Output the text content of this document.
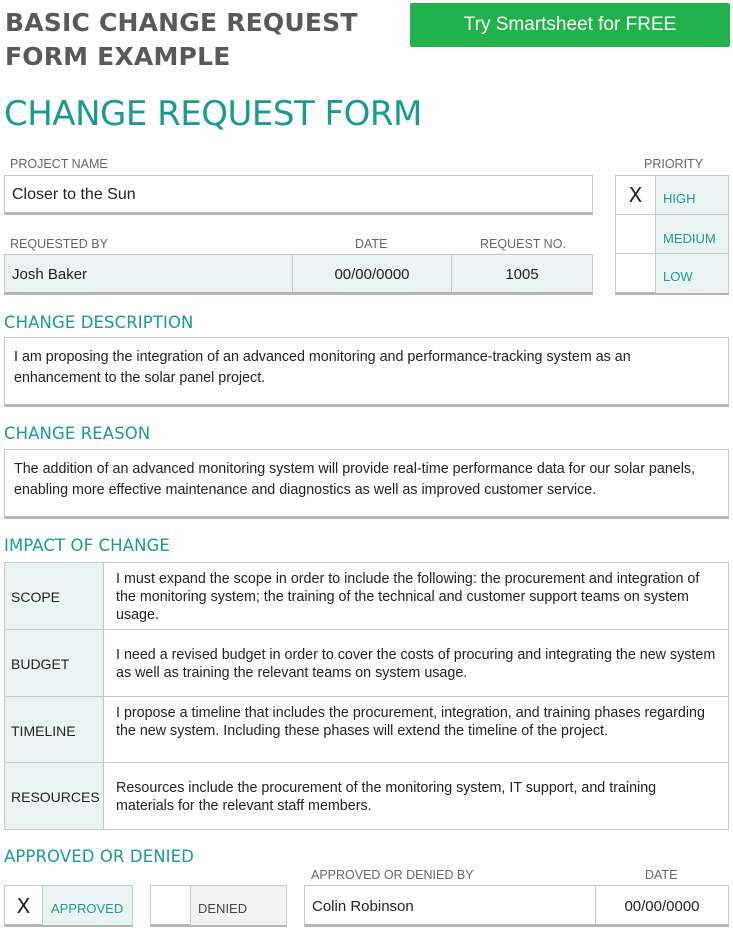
BASIC CHANGE REQUEST
FORM EXAMPLE
Try Smartsheet for FREE
CHANGE REQUEST FORM
PROJECT NAME
Closer to the Sun
REQUESTED BY	DATE	REQUEST NO.
Josh Baker	00/00/0000	1005
PRIORITY
X	HIGH
MEDIUM
LOW
CHANGE DESCRIPTION
I am proposing the integration of an advanced monitoring and performance-tracking system as an enhancement to the solar panel project.
CHANGE REASON
The addition of an advanced monitoring system will provide real-time performance data for our solar panels, enabling more effective maintenance and diagnostics as well as improved customer service.
IMPACT OF CHANGE
SCOPE
I must expand the scope in order to include the following: the procurement and integration of the monitoring system; the training of the technical and customer support teams on system usage.
BUDGET
I need a revised budget in order to cover the costs of procuring and integrating the new system as well as training the relevant teams on system usage.
TIMELINE
I propose a timeline that includes the procurement, integration, and training phases regarding the new system. Including these phases will extend the timeline of the project.
RESOURCES
Resources include the procurement of the monitoring system, IT support, and training materials for the relevant staff members.
APPROVED OR DENIED
X	APPROVED	DENIED
APPROVED OR DENIED BY	DATE
Colin Robinson	00/00/0000
